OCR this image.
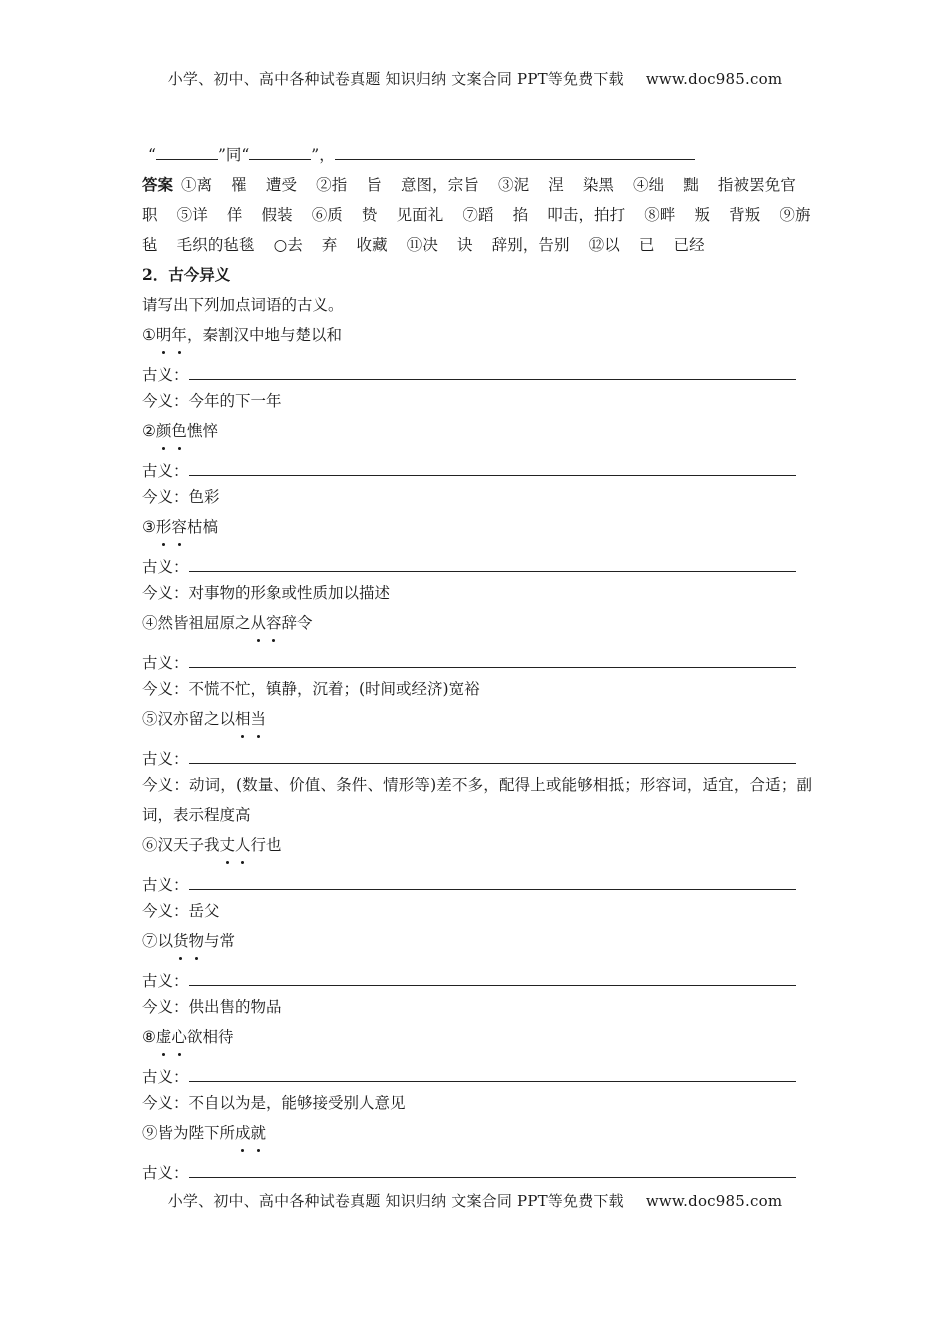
小学、初中、高中各种试卷真题 知识归纳 文案合同 PPT等免费下载 www.doc985.com
“	”同“	”，
答案 ①离 罹 遭受 ②指 旨 意图，宗旨 ③泥 涅 染黑 ④绌 黜 指被罢免官
职 ⑤详 佯 假装 ⑥质 贽 见面礼 ⑦蹈 掐 叩击，拍打 ⑧畔 叛 背叛 ⑨旃
毡 毛织的毡毯 ○去 弃 收藏 ⑪决 诀 辞别，告别 ⑫以 已 已经
2．古今异义
请写出下列加点词语的古义。
①明年，秦割汉中地与楚以和
古义：
今义：今年的下一年
②颜色憔悴
古义：
今义：色彩
③形容枯槁
古义：
今义：对事物的形象或性质加以描述
④然皆祖屈原之从容辞令
古义：
今义：不慌不忙，镇静，沉着；(时间或经济)宽裕
⑤汉亦留之以相当
古义：
今义：动词，(数量、价值、条件、情形等)差不多，配得上或能够相抵；形容词，适宜，合适；副词，表示程度高
⑥汉天子我丈人行也
古义：
今义：岳父
⑦以货物与常
古义：
今义：供出售的物品
⑧虚心欲相待
古义：
今义：不自以为是，能够接受别人意见
⑨皆为陛下所成就
古义：
小学、初中、高中各种试卷真题 知识归纳 文案合同 PPT等免费下载 www.doc985.com
